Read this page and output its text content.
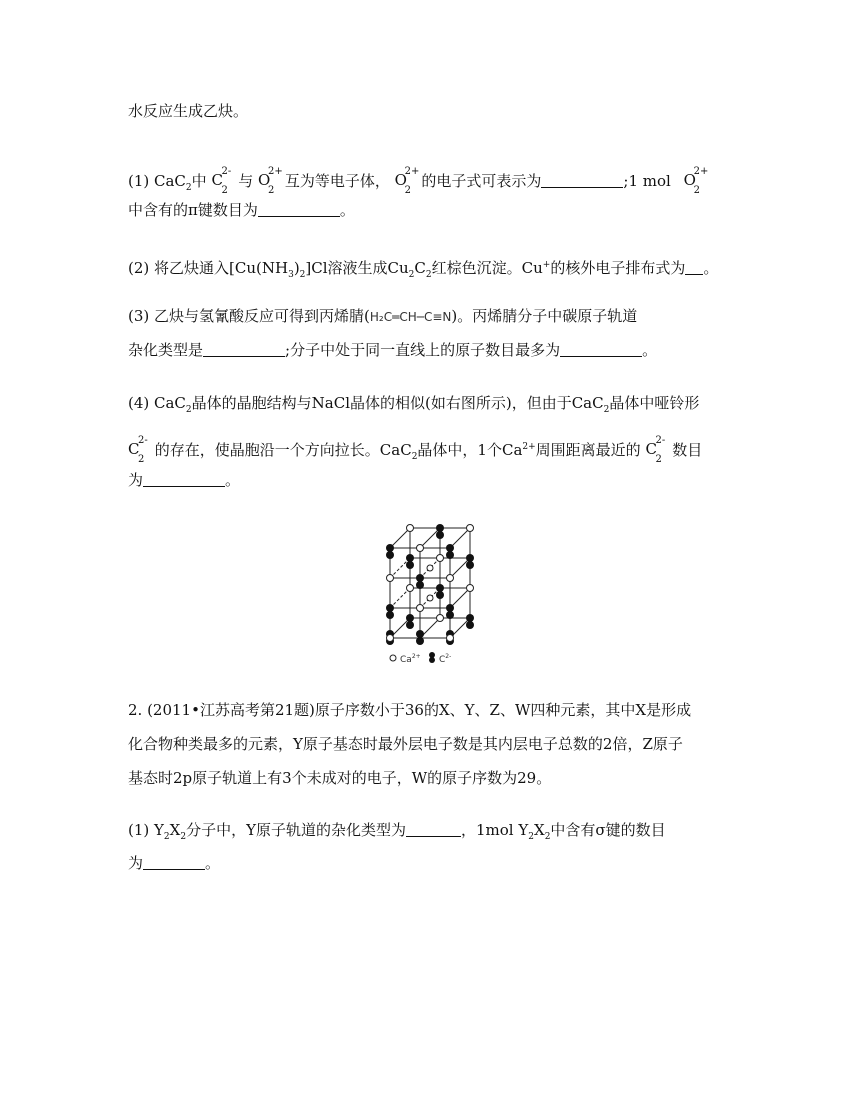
水反应生成乙炔。
(1) CaC$_2$中 C
2-
2
与 O
2+
2
互为等电子体， O
2+
2
的电子式可表示为	;1 mol O
2+
2
中含有的π键数目为	。
(2) 将乙炔通入$[Cu(NH_3)_2]Cl$溶液生成$Cu_2C_2$红棕色沉淀。Cu+的核外电子排布式为 。
(3) 乙炔与氢氰酸反应可得到丙烯腈(H₂C═CH─C≡N)。丙烯腈分子中碳原子轨道
杂化类型是	;分子中处于同一直线上的原子数目最多为	。
(4) CaC$_2$晶体的晶胞结构与NaCl晶体的相似(如右图所示)，但由于CaC$_2$晶体中哑铃形
C
2-
2
的存在，使晶胞沿一个方向拉长。CaC$_2$晶体中，1个$Ca^{2+}$周围距离最近的 C
2-
2
数目
为	。
$Ca^{2+}$ $C^{2-}$
2. (2011•江苏高考第21题)原子序数小于36的X、Y、Z、W四种元素，其中X是形成
化合物种类最多的元素，Y原子基态时最外层电子数是其内层电子总数的2倍，Z原子
基态时2p原子轨道上有3个未成对的电子，W的原子序数为29。
(1) $Y_2X_2$分子中，Y原子轨道的杂化类型为	，1mol $Y_2X_2$中含有σ键的数目
为	。
